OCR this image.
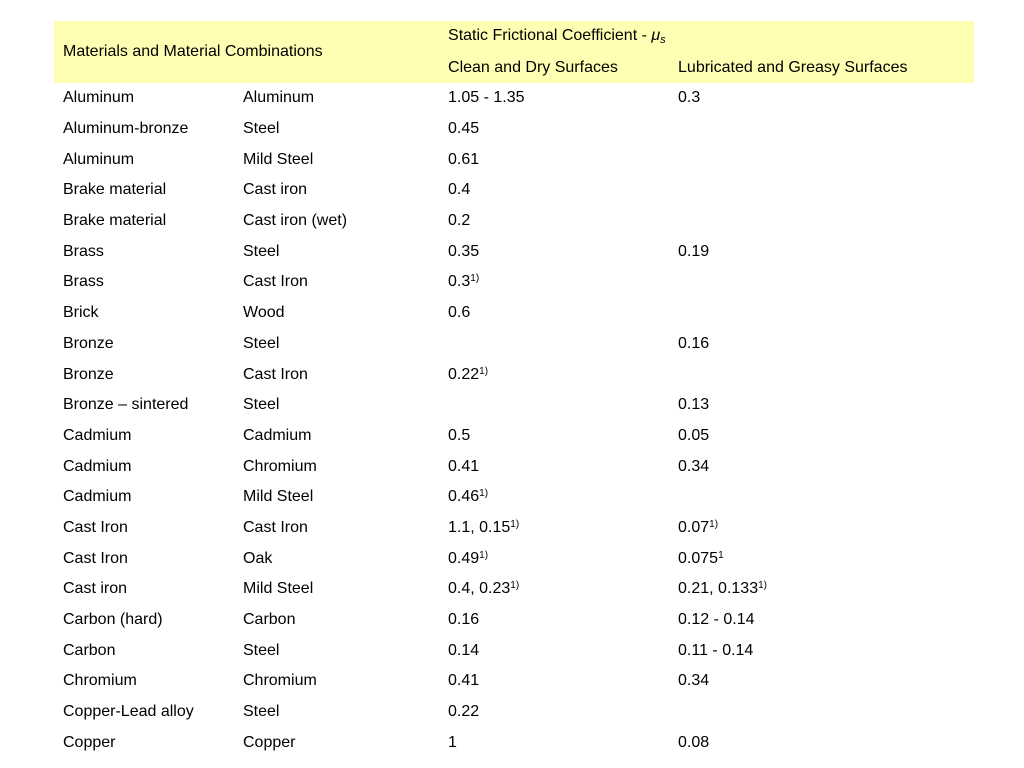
Materials and Material Combinations		Static Frictional Coefficient - $\mu_s$
		Clean and Dry Surfaces	Lubricated and Greasy Surfaces
Aluminum	Aluminum	1.05 - 1.35	0.3
Aluminum-bronze	Steel	0.45	
Aluminum	Mild Steel	0.61	
Brake material	Cast iron	0.4	
Brake material	Cast iron (wet)	0.2	
Brass	Steel	0.35	0.19
Brass	Cast Iron	0.3$^{1)}$	
Brick	Wood	0.6	
Bronze	Steel		0.16
Bronze	Cast Iron	0.22$^{1)}$	
Bronze – sintered	Steel		0.13
Cadmium	Cadmium	0.5	0.05
Cadmium	Chromium	0.41	0.34
Cadmium	Mild Steel	0.46$^{1)}$	
Cast Iron	Cast Iron	1.1, 0.15$^{1)}$	0.07$^{1)}$
Cast Iron	Oak	0.49$^{1)}$	0.075$^1$
Cast iron	Mild Steel	0.4, 0.23$^{1)}$	0.21, 0.133$^{1)}$
Carbon (hard)	Carbon	0.16	0.12 - 0.14
Carbon	Steel	0.14	0.11 - 0.14
Chromium	Chromium	0.41	0.34
Copper-Lead alloy	Steel	0.22	
Copper	Copper	1	0.08
